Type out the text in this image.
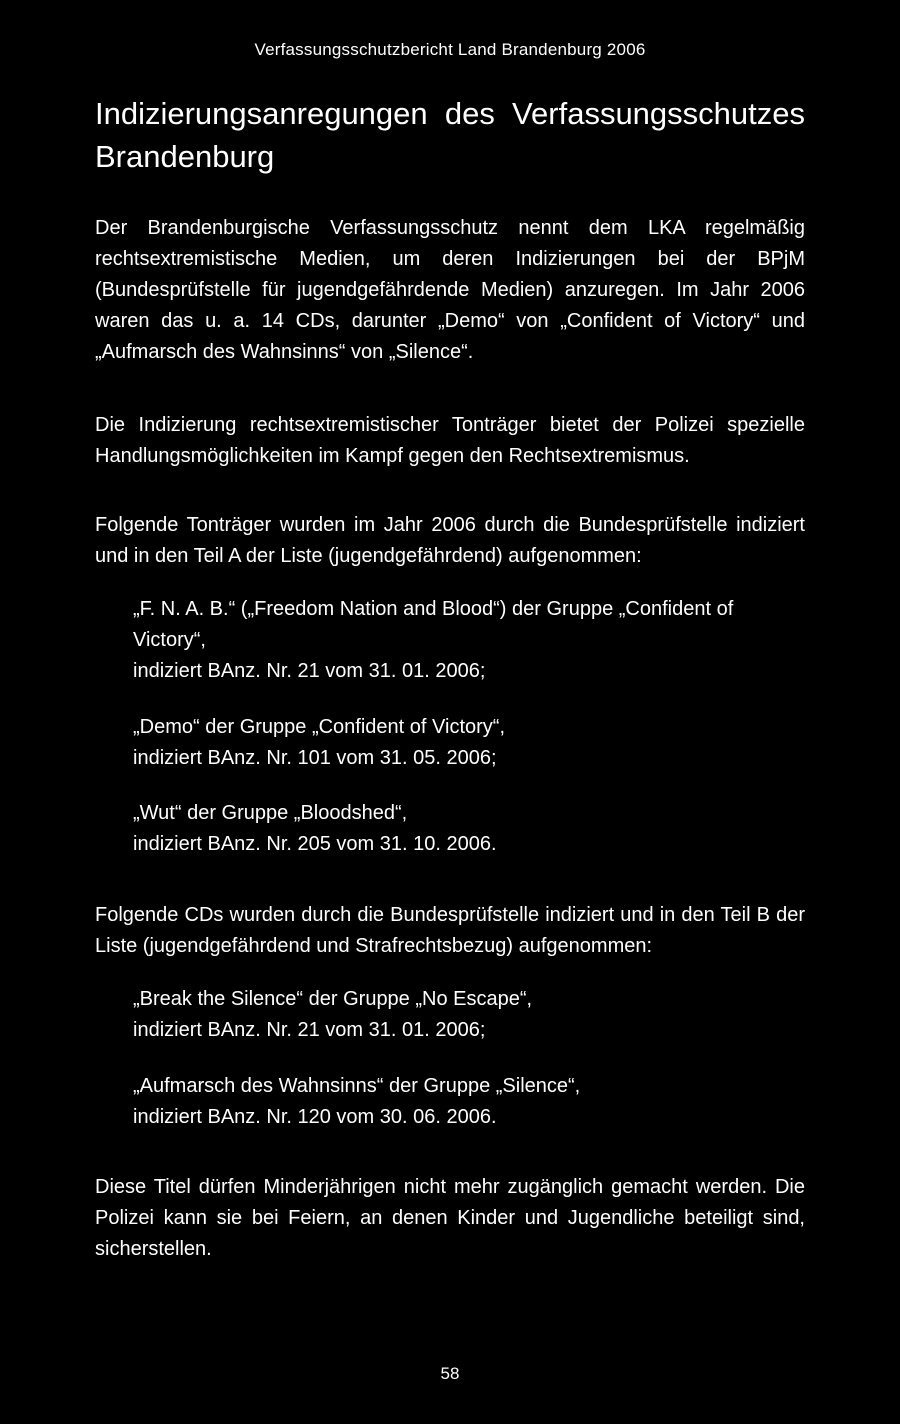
Verfassungsschutzbericht Land Brandenburg 2006
Indizierungsanregungen des Verfassungsschutzes Brandenburg

Der Brandenburgische Verfassungsschutz nennt dem LKA regelmäßig rechtsextremistische Medien, um deren Indizierungen bei der BPjM (Bundesprüfstelle für jugendgefährdende Medien) anzuregen. Im Jahr 2006 waren das u. a. 14 CDs, darunter „Demo“ von „Confident of Victory“ und „Aufmarsch des Wahnsinns“ von „Silence“.

Die Indizierung rechtsextremistischer Tonträger bietet der Polizei spezielle Handlungsmöglichkeiten im Kampf gegen den Rechtsextremismus.

Folgende Tonträger wurden im Jahr 2006 durch die Bundesprüfstelle indiziert und in den Teil A der Liste (jugendgefährdend) aufgenommen:

„F. N. A. B.“ („Freedom Nation and Blood“) der Gruppe „Confident of Victory“,
indiziert BAnz. Nr. 21 vom 31. 01. 2006;

„Demo“ der Gruppe „Confident of Victory“,
indiziert BAnz. Nr. 101 vom 31. 05. 2006;

„Wut“ der Gruppe „Bloodshed“,
indiziert BAnz. Nr. 205 vom 31. 10. 2006.

Folgende CDs wurden durch die Bundesprüfstelle indiziert und in den Teil B der Liste (jugendgefährdend und Strafrechtsbezug) aufgenommen:

„Break the Silence“ der Gruppe „No Escape“,
indiziert BAnz. Nr. 21 vom 31. 01. 2006;

„Aufmarsch des Wahnsinns“ der Gruppe „Silence“,
indiziert BAnz. Nr. 120 vom 30. 06. 2006.

Diese Titel dürfen Minderjährigen nicht mehr zugänglich gemacht werden. Die Polizei kann sie bei Feiern, an denen Kinder und Jugendliche beteiligt sind, sicherstellen.

58
